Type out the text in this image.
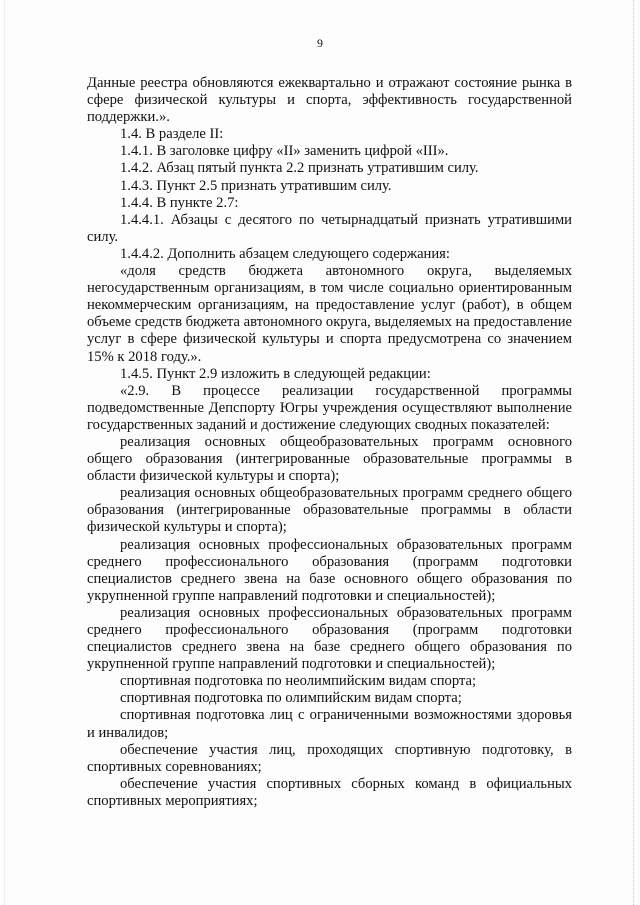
9

Данные реестра обновляются ежеквартально и отражают состояние рынка в сфере физической культуры и спорта, эффективность государственной поддержки.».

1.4. В разделе II:

1.4.1. В заголовке цифру «II» заменить цифрой «III».

1.4.2. Абзац пятый пункта 2.2 признать утратившим силу.

1.4.3. Пункт 2.5 признать утратившим силу.

1.4.4. В пункте 2.7:

1.4.4.1. Абзацы с десятого по четырнадцатый признать утратившими силу.

1.4.4.2. Дополнить абзацем следующего содержания:

«доля средств бюджета автономного округа, выделяемых негосударственным организациям, в том числе социально ориентированным некоммерческим организациям, на предоставление услуг (работ), в общем объеме средств бюджета автономного округа, выделяемых на предоставление услуг в сфере физической культуры и спорта предусмотрена со значением 15% к 2018 году.».

1.4.5. Пункт 2.9 изложить в следующей редакции:

«2.9. В процессе реализации государственной программы подведомственные Депспорту Югры учреждения осуществляют выполнение государственных заданий и достижение следующих сводных показателей:

реализация основных общеобразовательных программ основного общего образования (интегрированные образовательные программы в области физической культуры и спорта);

реализация основных общеобразовательных программ среднего общего образования (интегрированные образовательные программы в области физической культуры и спорта);

реализация основных профессиональных образовательных программ среднего профессионального образования (программ подготовки специалистов среднего звена на базе основного общего образования по укрупненной группе направлений подготовки и специальностей);

реализация основных профессиональных образовательных программ среднего профессионального образования (программ подготовки специалистов среднего звена на базе среднего общего образования по укрупненной группе направлений подготовки и специальностей);

спортивная подготовка по неолимпийским видам спорта;

спортивная подготовка по олимпийским видам спорта;

спортивная подготовка лиц с ограниченными возможностями здоровья и инвалидов;

обеспечение участия лиц, проходящих спортивную подготовку, в спортивных соревнованиях;

обеспечение участия спортивных сборных команд в официальных спортивных мероприятиях;
